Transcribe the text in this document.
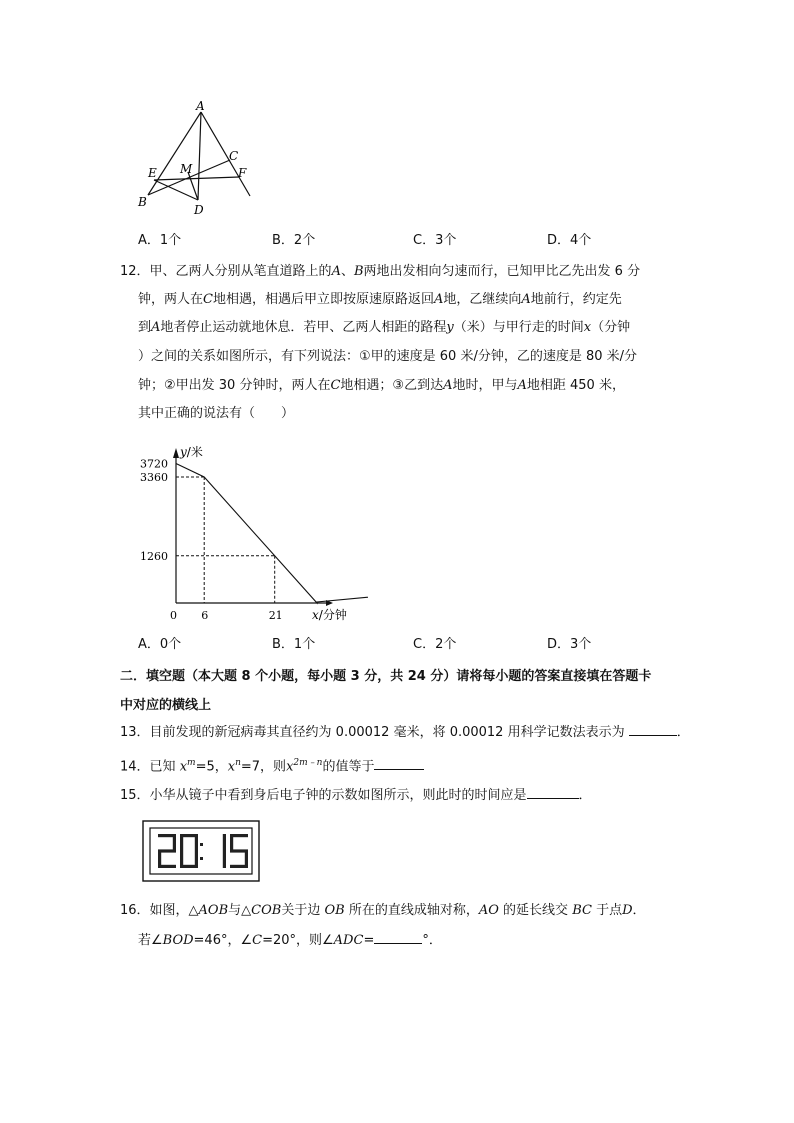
A
B
C
D
E	F
M
A．1个	B．2个	C．3个	D．4个
12．甲、乙两人分别从笔直道路上的A、B两地出发相向匀速而行，已知甲比乙先出发 6 分
钟，两人在C地相遇，相遇后甲立即按原速原路返回A地，乙继续向A地前行，约定先
到A地者停止运动就地休息．若甲、乙两人相距的路程y（米）与甲行走的时间x（分钟
）之间的关系如图所示，有下列说法：①甲的速度是 60 米/分钟，乙的速度是 80 米/分
钟；②甲出发 30 分钟时，两人在C地相遇；③乙到达A地时，甲与A地相距 450 米，
其中正确的说法有（　　）
3720
3360
1260
0 6	21
y/米
x/分钟
A．0个	B．1个	C．2个	D．3个
二．填空题（本大题 8 个小题，每小题 3 分，共 24 分）请将每小题的答案直接填在答题卡
中对应的横线上
13．目前发现的新冠病毒其直径约为 0.00012 毫米，将 0.00012 用科学记数法表示为	．
14．已知 $x^m=5$，$x^n=7$，则$x^{2m﹣n}$的值等于
15．小华从镜子中看到身后电子钟的示数如图所示，则此时的时间应是	．
16．如图，△AOB与△COB关于边 OB 所在的直线成轴对称，AO 的延长线交 BC 于点D．
若∠BOD=46°，∠C=20°，则∠ADC=	°．
